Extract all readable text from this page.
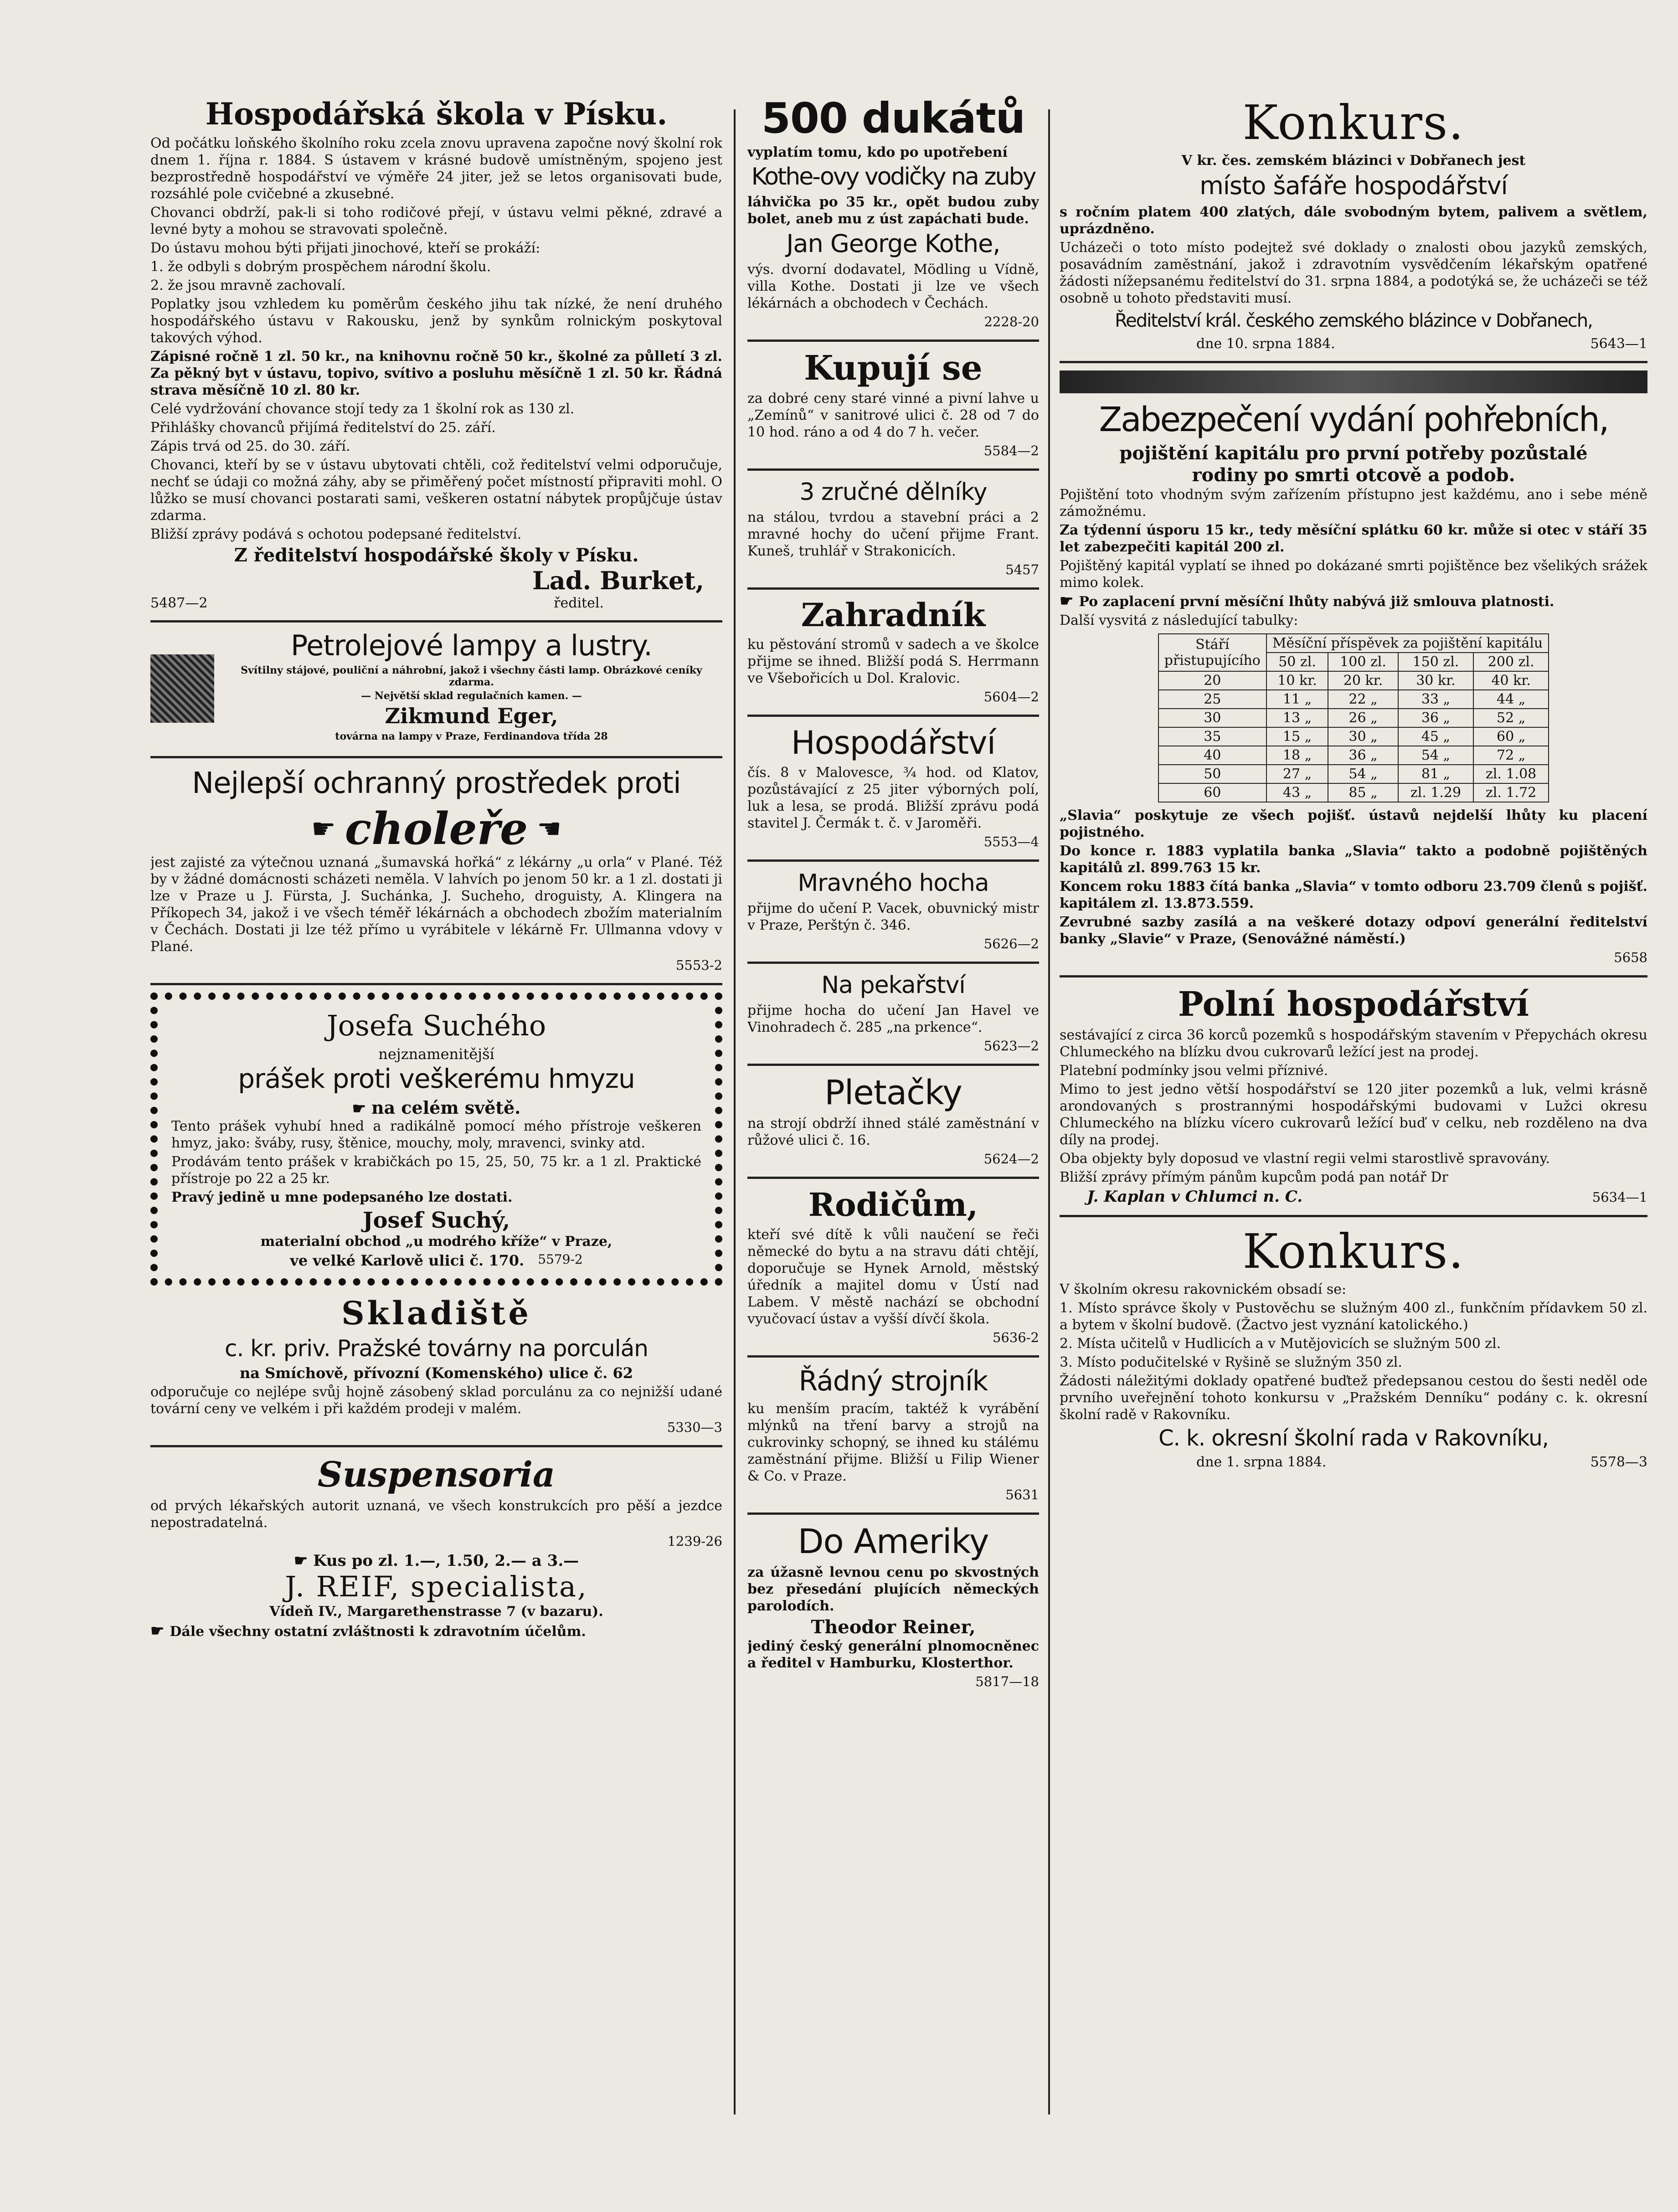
Hospodářská škola v Písku.

Od počátku loňského školního roku zcela znovu upravena započne nový školní rok dnem 1. října r. 1884. S ústavem v krásné budově umístněným, spojeno jest bezprostředně hospodářství ve výměře 24 jiter, jež se letos organisovati bude, rozsáhlé pole cvičebné a zkusebné.

Chovanci obdrží, pak-li si toho rodičové přejí, v ústavu velmi pěkné, zdravé a levné byty a mohou se stravovati společně.

Do ústavu mohou býti přijati jinochové, kteří se prokáží:

1. že odbyli s dobrým prospěchem národní školu.

2. že jsou mravně zachovalí.

Poplatky jsou vzhledem ku poměrům českého jihu tak nízké, že není druhého hospodářského ústavu v Rakousku, jenž by synkům rolnickým poskytoval takových výhod.

Zápisné ročně 1 zl. 50 kr., na knihovnu ročně 50 kr., školné za půlletí 3 zl. Za pěkný byt v ústavu, topivo, svítivo a posluhu měsíčně 1 zl. 50 kr. Řádná strava měsíčně 10 zl. 80 kr.

Celé vydržování chovance stojí tedy za 1 školní rok as 130 zl.

Přihlášky chovanců přijímá ředitelství do 25. září.

Zápis trvá od 25. do 30. září.

Chovanci, kteří by se v ústavu ubytovati chtěli, což ředitelství velmi odporučuje, nechť se údaji co možná záhy, aby se přiměřený počet místností připraviti mohl. O lůžko se musí chovanci postarati sami, veškeren ostatní nábytek propůjčuje ústav zdarma.

Bližší zprávy podává s ochotou podepsané ředitelství.

Z ředitelství hospodářské školy v Písku.
Lad. Burket,
5487—2	ředitel.
Petrolejové lampy a lustry.

Svítilny stájové, pouliční a náhrobní, jakož i všechny části lamp. Obrázkové ceníky zdarma.

— Největší sklad regulačních kamen. —

Zikmund Eger,

továrna na lampy v Praze, Ferdinandova třída 28

Nejlepší ochranný prostředek proti
☛ choleře ☚

jest zajisté za výtečnou uznaná „šumavská hořká“ z lékárny „u orla“ v Plané. Též by v žádné domácnosti scházeti neměla. V lahvích po jenom 50 kr. a 1 zl. dostati ji lze v Praze u J. Fürsta, J. Suchánka, J. Sucheho, droguisty, A. Klingera na Příkopech 34, jakož i ve všech téměř lékárnách a obchodech zbožím materialním v Čechách. Dostati ji lze též přímo u vyrábitele v lékárně Fr. Ullmanna vdovy v Plané.

5553-2

Josefa Suchého
nejznamenitější
prášek proti veškerému hmyzu
☛ na celém světě.

Tento prášek vyhubí hned a radikálně pomocí mého přístroje veškeren hmyz, jako: šváby, rusy, štěnice, mouchy, moly, mravenci, svinky atd.

Prodávám tento prášek v krabičkách po 15, 25, 50, 75 kr. a 1 zl. Praktické přístroje po 22 a 25 kr.

Pravý jedině u mne podepsaného lze dostati.

Josef Suchý,

materialní obchod „u modrého kříže“ v Praze,

ve velké Karlově ulici č. 170. 5579-2
Skladiště
c. kr. priv. Pražské továrny na porculán

na Smíchově, přívozní (Komenského) ulice č. 62

odporučuje co nejlépe svůj hojně zásobený sklad porculánu za co nejnižší udané tovární ceny ve velkém i při každém prodeji v malém.

5330—3

Suspensoria

od prvých lékařských autorit uznaná, ve všech konstrukcích pro pěší a jezdce nepostradatelná.

1239-26

☛ Kus po zl. 1.—, 1.50, 2.— a 3.—
J. REIF, specialista,

Vídeň IV., Margarethenstrasse 7 (v bazaru).

☛ Dále všechny ostatní zvláštnosti k zdravotním účelům.
500 dukátů

vyplatím tomu, kdo po upotřebení

Kothe-ovy vodičky na zuby

láhvička po 35 kr., opět budou zuby bolet, aneb mu z úst zapáchati bude.

Jan George Kothe,

výs. dvorní dodavatel, Mödling u Vídně, villa Kothe. Dostati ji lze ve všech lékárnách a obchodech v Čechách.

2228-20

Kupují se

za dobré ceny staré vinné a pivní lahve u „Zemínů“ v sanitrové ulici č. 28 od 7 do 10 hod. ráno a od 4 do 7 h. večer.

5584—2

3 zručné dělníky

na stálou, tvrdou a stavební práci a 2 mravné hochy do učení přijme Frant. Kuneš, truhlář v Strakonicích.

5457

Zahradník

ku pěstování stromů v sadech a ve školce přijme se ihned. Bližší podá S. Herrmann ve Všebořicích u Dol. Kralovic.

5604—2

Hospodářství

čís. 8 v Malovesce, ¾ hod. od Klatov, pozůstávající z 25 jiter výborných polí, luk a lesa, se prodá. Bližší zprávu podá stavitel J. Čermák t. č. v Jaroměři.

5553—4

Mravného hocha

přijme do učení P. Vacek, obuvnický mistr v Praze, Perštýn č. 346.

5626—2

Na pekařství

přijme hocha do učení Jan Havel ve Vinohradech č. 285 „na prkence“.

5623—2

Pletačky

na strojí obdrží ihned stálé zaměstnání v růžové ulici č. 16.

5624—2

Rodičům,

kteří své dítě k vůli naučení se řeči německé do bytu a na stravu dáti chtějí, doporučuje se Hynek Arnold, městský úředník a majitel domu v Ústí nad Labem. V městě nachází se obchodní vyučovací ústav a vyšší dívčí škola.

5636-2

Řádný strojník

ku menším pracím, taktéž k vyrábění mlýnků na tření barvy a strojů na cukrovinky schopný, se ihned ku stálému zaměstnání přijme. Bližší u Filip Wiener & Co. v Praze.

5631

Do Ameriky

za úžasně levnou cenu po skvostných bez přesedání plujících německých parolodích.

Theodor Reiner,

jediný český generální plnomocněnec a ředitel v Hamburku, Klosterthor.

5817—18

Konkurs.

V kr. čes. zemském blázinci v Dobřanech jest

místo šafáře hospodářství

s ročním platem 400 zlatých, dále svobodným bytem, palivem a světlem, uprázdněno.

Ucházeči o toto místo podejtež své doklady o znalosti obou jazyků zemských, posavádním zaměstnání, jakož i zdravotním vysvědčením lékařským opatřené žádosti nížepsanému ředitelství do 31. srpna 1884, a podotýká se, že ucházeči se též osobně u tohoto představiti musí.

Ředitelství král. českého zemského blázince v Dobřanech,
dne 10. srpna 1884.	5643—1
Zabezpečení vydání pohřebních,
pojištění kapitálu pro první potřeby pozůstalé
rodiny po smrti otcově a podob.

Pojištění toto vhodným svým zařízením přístupno jest každému, ano i sebe méně zámožnému.

Za týdenní úsporu 15 kr., tedy měsíční splátku 60 kr. může si otec v stáří 35 let zabezpečiti kapitál 200 zl.

Pojištěný kapitál vyplatí se ihned po dokázané smrti pojištěnce bez všelikých srážek mimo kolek.

☛ Po zaplacení první měsíční lhůty nabývá již smlouva platnosti.

Další vysvitá z následující tabulky:

Stáří přistupujícího	Měsíční příspěvek za pojištění kapitálu			
	50 zl.	100 zl.	150 zl.	200 zl.
20	10 kr.	20 kr.	30 kr.	40 kr.
25	11 „	22 „	33 „	44 „
30	13 „	26 „	36 „	52 „
35	15 „	30 „	45 „	60 „
40	18 „	36 „	54 „	72 „
50	27 „	54 „	81 „	zl. 1.08
60	43 „	85 „	zl. 1.29	zl. 1.72

„Slavia“ poskytuje ze všech pojišť. ústavů nejdelší lhůty ku placení pojistného.

Do konce r. 1883 vyplatila banka „Slavia“ takto a podobně pojištěných kapitálů zl. 899.763 15 kr.

Koncem roku 1883 čítá banka „Slavia“ v tomto odboru 23.709 členů s pojišť. kapitálem zl. 13.873.559.

Zevrubné sazby zasílá a na veškeré dotazy odpoví generální ředitelství banky „Slavie“ v Praze, (Senovážné náměstí.)

5658

Polní hospodářství

sestávající z circa 36 korců pozemků s hospodářským stavením v Přepychách okresu Chlumeckého na blízku dvou cukrovarů ležící jest na prodej.

Platební podmínky jsou velmi příznivé.

Mimo to jest jedno větší hospodářství se 120 jiter pozemků a luk, velmi krásně arondovaných s prostrannými hospodářskými budovami v Lužci okresu Chlumeckého na blízku vícero cukrovarů ležící buď v celku, neb rozděleno na dva díly na prodej.

Oba objekty byly doposud ve vlastní regii velmi starostlivě spravovány.

Bližší zprávy přímým pánům kupcům podá pan notář Dr

J. Kaplan v Chlumci n. C.	5634—1
Konkurs.

V školním okresu rakovnickém obsadí se:

1. Místo správce školy v Pustověchu se služným 400 zl., funkčním přídavkem 50 zl. a bytem v školní budově. (Žactvo jest vyznání katolického.)

2. Místa učitelů v Hudlicích a v Mutějovicích se služným 500 zl.

3. Místo podučitelské v Ryšině se služným 350 zl.

Žádosti náležitými doklady opatřené buďtež předepsanou cestou do šesti neděl ode prvního uveřejnění tohoto konkursu v „Pražském Denníku“ podány c. k. okresní školní radě v Rakovníku.

C. k. okresní školní rada v Rakovníku,
dne 1. srpna 1884.	5578—3
